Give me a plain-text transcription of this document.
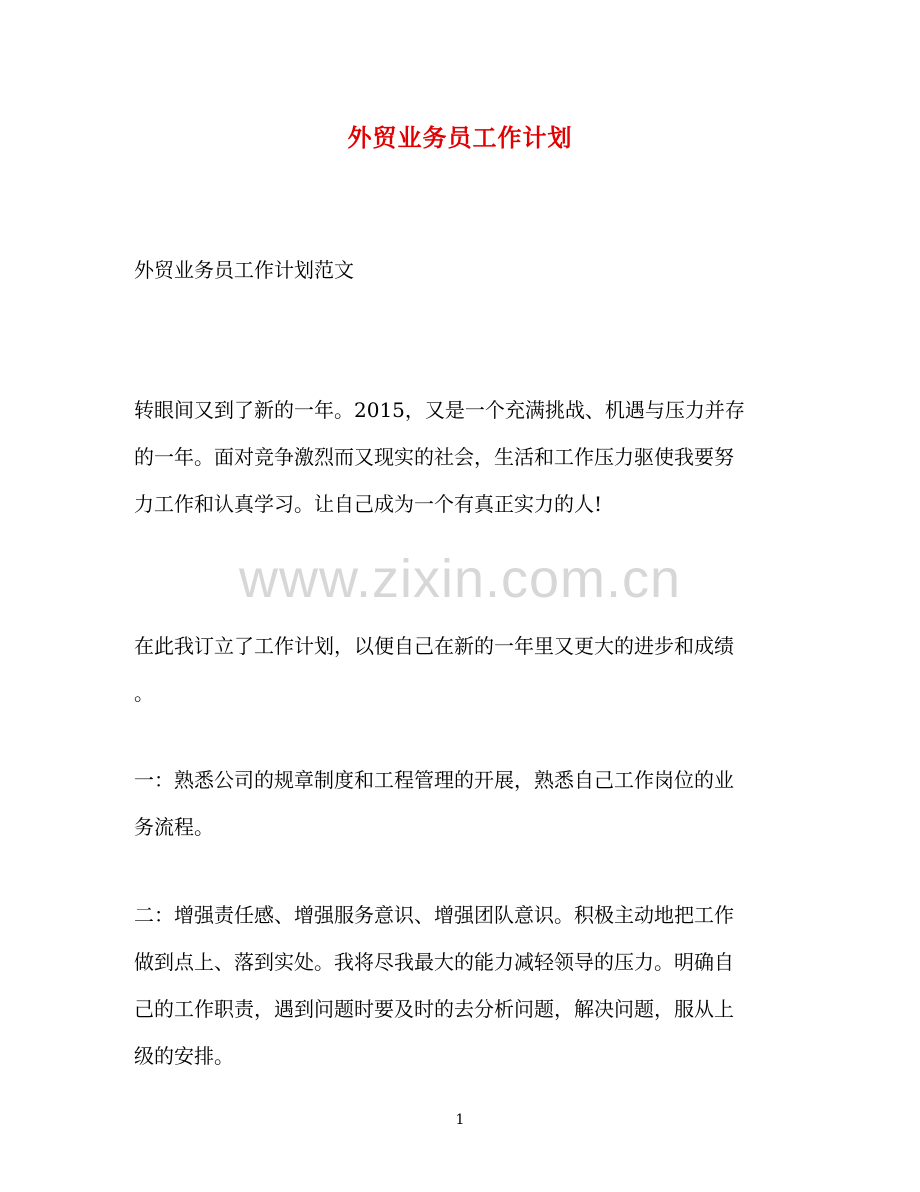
外贸业务员工作计划
外贸业务员工作计划范文
转眼间又到了新的一年。2015，又是一个充满挑战、机遇与压力并存
的一年。面对竞争激烈而又现实的社会，生活和工作压力驱使我要努
力工作和认真学习。让自己成为一个有真正实力的人!
www.zixin.com.cn
在此我订立了工作计划，以便自己在新的一年里又更大的进步和成绩
。
一：熟悉公司的规章制度和工程管理的开展，熟悉自己工作岗位的业
务流程。
二：增强责任感、增强服务意识、增强团队意识。积极主动地把工作
做到点上、落到实处。我将尽我最大的能力减轻领导的压力。明确自
己的工作职责，遇到问题时要及时的去分析问题，解决问题，服从上
级的安排。
1
